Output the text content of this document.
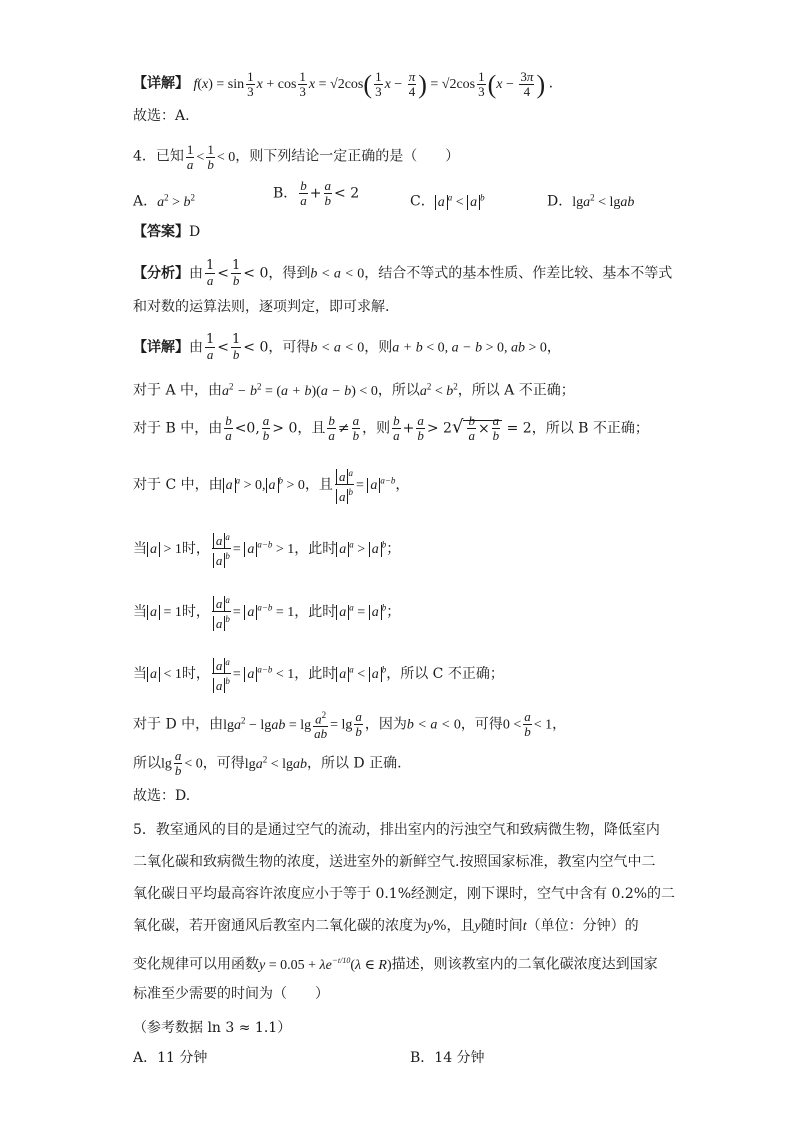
【详解】 $f(x) = \sin \frac{1}{3}$ $x + \cos \frac{1}{3}$ $x = √2\cos( \frac{1}{3}$ $x - \frac{\pi}{4}$ ) = $√2\cos \frac{1}{3} (x - \frac{3\pi}{4}$ ) .
故选：A.
4．已知 $\frac{1}{a} < \frac{1}{b} < 0$，则下列结论一定正确的是（　　）
A．$a^2 > b^2$	B． $\frac{b}{a} + \frac{a}{b} < 2$
C． a $^a$ < a $^b$	D．lga$^2$ < lgab
【答案】D
【分析】由 $\frac{1}{a} < \frac{1}{b} < 0$，得到b < a < 0，结合不等式的基本性质、作差比较、基本不等式
和对数的运算法则，逐项判定，即可求解.
【详解】由 $\frac{1}{a} < \frac{1}{b} < 0$，可得b < a < 0，则a + b < 0, a − b > 0, ab > 0，
对于 A 中，由$a^2 - b^2 = (a + b)(a - b) < 0$，所以$a^2 < b^2$，所以 A 不正确；
对于 B 中，由 $\frac{b}{a} <0$, $\frac{a}{b} > 0$，且 $\frac{b}{a} \ne \frac{a}{b}$ ，则 $\frac{b}{a} + \frac{a}{b} > 2√ \frac{b}{a} \times \frac{a}{b} = 2$，所以 B 不正确；
对于 C 中，由 a $^a$ > 0, a $^b$ > 0，且 $\frac{a ^a}{a ^b} = a$ $^{a-b}$，
当 a > 1时， $\frac{a ^a}{a ^b} = a$ $^{a-b}$ > 1，此时 a $^a$ > a $^b$；
当 a = 1时， $\frac{a ^a}{a ^b} = a$ $^{a-b}$ = 1，此时 a $^a$ = a $^b$；
当 a < 1时， $\frac{a ^a}{a ^b} = a$ $^{a-b}$ < 1，此时 a $^a$ < a $^b$，所以 C 不正确；
对于 D 中，由lga$^2$ − lgab = $\lg \frac{a^2}{ab} = \lg \frac{a}{b}$ ，因为b < a < 0，可得$0 < \frac{a}{b} < 1$，
所以$\lg \frac{a}{b} < 0$，可得lga$^2$ < lgab，所以 D 正确.
故选：D.
5．教室通风的目的是通过空气的流动，排出室内的污浊空气和致病微生物，降低室内
二氧化碳和致病微生物的浓度，送进室外的新鲜空气.按照国家标准，教室内空气中二
氧化碳日平均最高容许浓度应小于等于 0.1%经测定，刚下课时，空气中含有 0.2%的二
氧化碳，若开窗通风后教室内二氧化碳的浓度为y%，且y随时间t（单位：分钟）的
变化规律可以用函数$y = 0.05 + \lambda e^{-t/10}(\lambda$ ∈ R)描述，则该教室内的二氧化碳浓度达到国家
标准至少需要的时间为（　　）
（参考数据 ln 3 ≈ 1.1）
A．11 分钟	B．14 分钟
